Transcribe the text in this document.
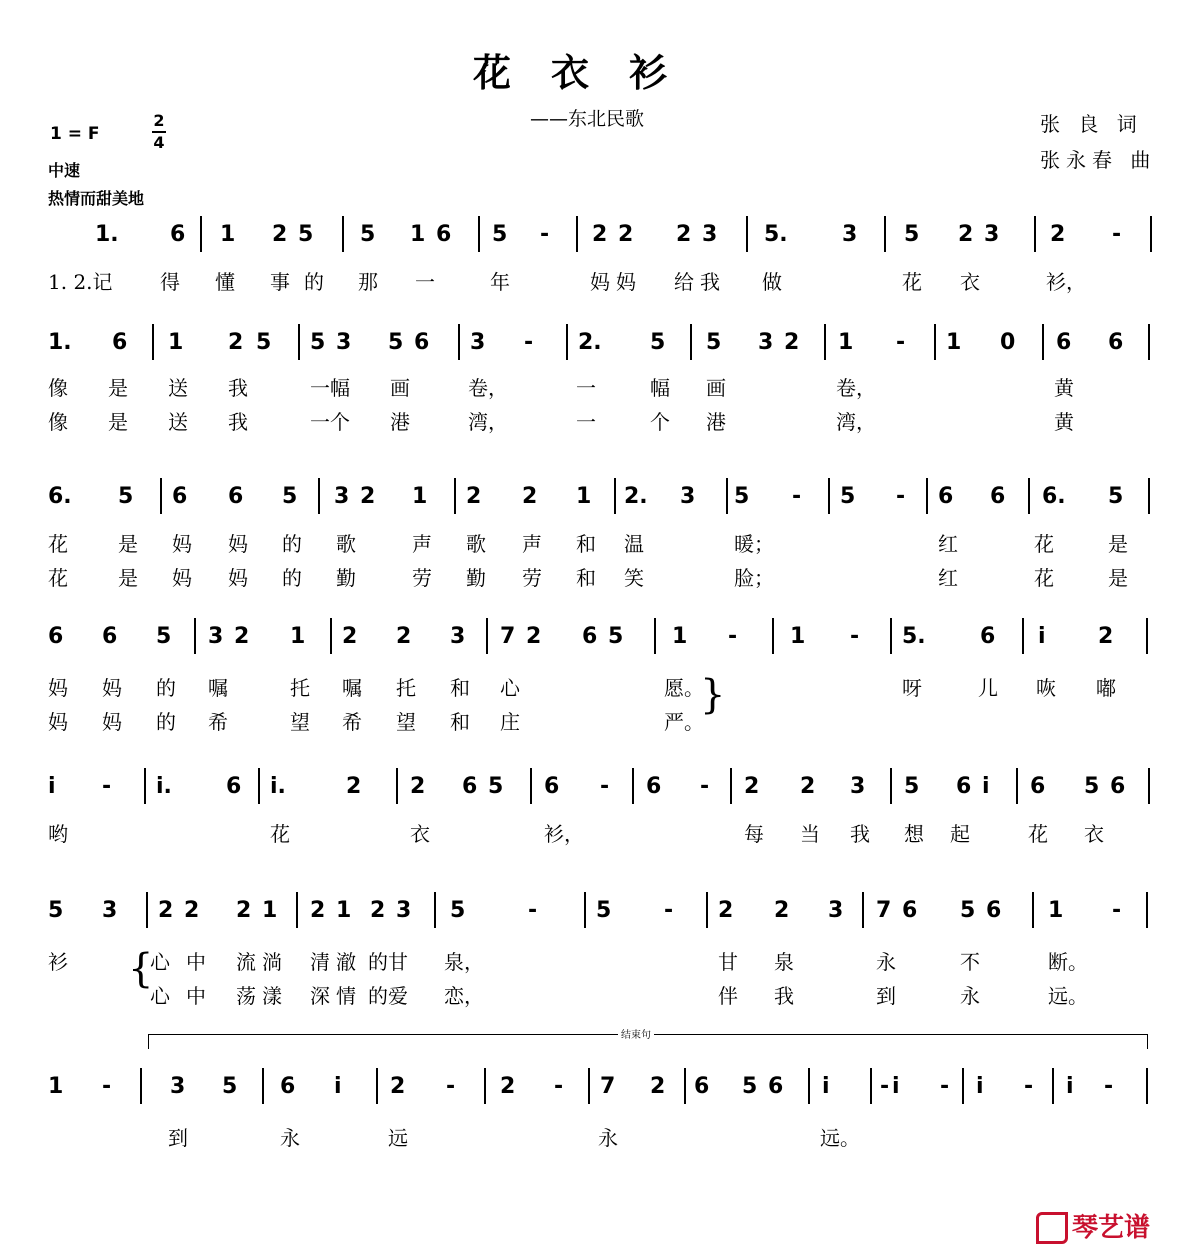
花衣衫
——东北民歌	张 良 词
张永春 曲
1 = F
2
4
中速
热情而甜美地
1. 6 1 2 5 5 1 6 5 - 2 2 2 3 5. 3 5 2 3 2 -
1. 2.记 得 懂 事 的 那 一	年	妈 妈 给 我 做	花 衣	衫，
1. 6 1 2 5 5 3 5 6 3 - 2. 5 5 3 2 1 - 1 0 6 6
像 是 送 我	一幅 画	卷，	一	幅 画	卷，	黄
像 是 送 我	一个 港	湾，	一	个 港	湾，	黄
6. 5 6 6 5 3 2 1 2 2 1 2. 3 5 - 5 - 6 6 6. 5
花	是 妈 妈 的 歌	声 歌 声 和 温	暖；	红	花	是
花	是 妈 妈 的 勤	劳 勤 劳 和 笑	脸；	红	花	是
6 6 5 3 2 1 2 2 3 7 2 6 5 1 - 1 - 5. 6 i 2
妈 妈 的 嘱	托 嘱 托 和 心	愿。	呀	儿 咴 嘟
妈 妈 的 希	望 希 望 和 庄	严。
i - i. 6 i.	2 2 6 5 6 - 6 - 2 2 3 5 6 i 6 5 6
哟	花	衣	衫，	每 当 我 想 起	花 衣
5 3 2 2 2 1 2 1 2 3 5	-	5 - 2 2 3 7 6 5 6 1 -
衫	心 中 流 淌 清 澈 的甘 泉，	甘 泉	永	不	断。
心 中 荡 漾 深 情 的爱 恋，	伴 我	到	永	远。
1 -	3 5 6 i 2 - 2 - 7 2 6 5 6 i - i - i - i -
到	永	远	永	远。
}
{
结束句
琴艺谱
